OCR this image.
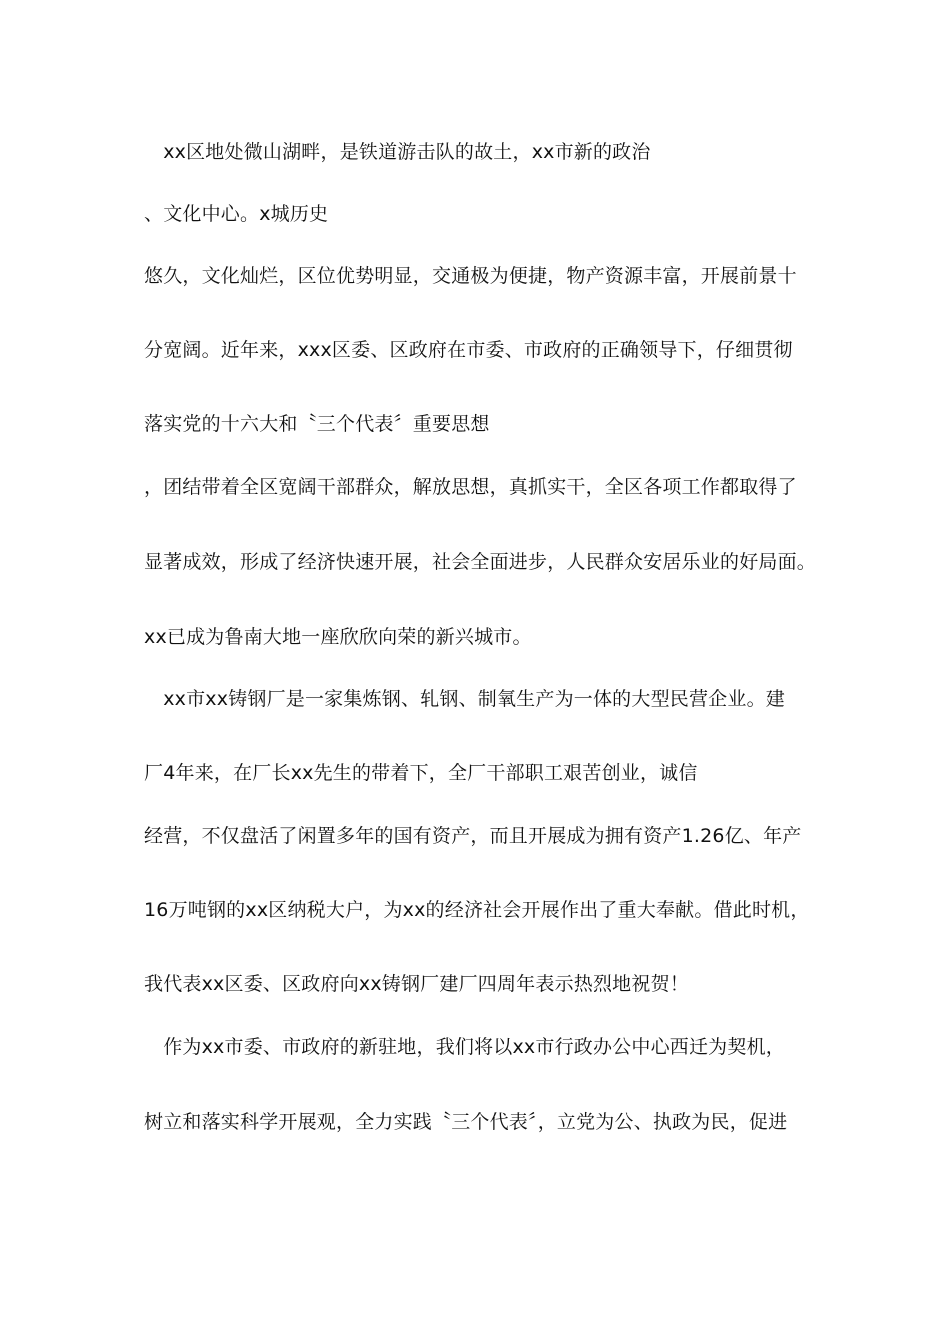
　xx区地处微山湖畔，是铁道游击队的故土，xx市新的政治
、文化中心。x城历史
悠久，文化灿烂，区位优势明显，交通极为便捷，物产资源丰富，开展前景十
分宽阔。近年来，xxx区委、区政府在市委、市政府的正确领导下，仔细贯彻
落实党的十六大和〝三个代表〞重要思想
，团结带着全区宽阔干部群众，解放思想，真抓实干，全区各项工作都取得了
显著成效，形成了经济快速开展，社会全面进步，人民群众安居乐业的好局面。
xx已成为鲁南大地一座欣欣向荣的新兴城市。
　xx市xx铸钢厂是一家集炼钢、轧钢、制氧生产为一体的大型民营企业。建
厂4年来，在厂长xx先生的带着下，全厂干部职工艰苦创业，诚信
经营，不仅盘活了闲置多年的国有资产，而且开展成为拥有资产1.26亿、年产
16万吨钢的xx区纳税大户，为xx的经济社会开展作出了重大奉献。借此时机，
我代表xx区委、区政府向xx铸钢厂建厂四周年表示热烈地祝贺！
　作为xx市委、市政府的新驻地，我们将以xx市行政办公中心西迁为契机，
树立和落实科学开展观，全力实践〝三个代表〞，立党为公、执政为民，促进
